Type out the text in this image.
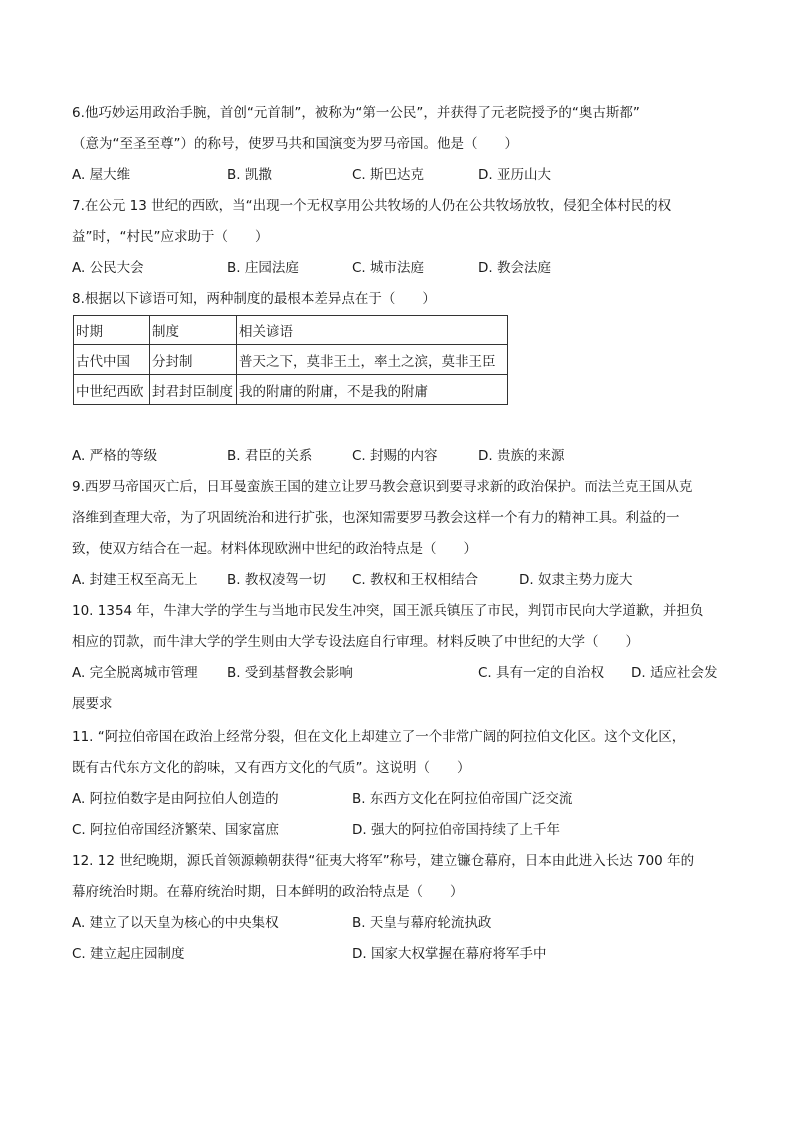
6.他巧妙运用政治手腕，首创“元首制”，被称为“第一公民”，并获得了元老院授予的“奥古斯都”
（意为“至圣至尊”）的称号，使罗马共和国演变为罗马帝国。他是（　　）
A. 屋大维	B. 凯撒	C. 斯巴达克	D. 亚历山大
7.在公元 13 世纪的西欧，当“出现一个无权享用公共牧场的人仍在公共牧场放牧，侵犯全体村民的权
益”时，“村民”应求助于（　　）
A. 公民大会	B. 庄园法庭	C. 城市法庭	D. 教会法庭
8.根据以下谚语可知，两种制度的最根本差异点在于（　　）
时期	制度	相关谚语
古代中国	分封制	普天之下，莫非王土，率土之滨，莫非王臣
中世纪西欧	封君封臣制度	我的附庸的附庸，不是我的附庸
A. 严格的等级	B. 君臣的关系	C. 封赐的内容	D. 贵族的来源
9.西罗马帝国灭亡后，日耳曼蛮族王国的建立让罗马教会意识到要寻求新的政治保护。而法兰克王国从克
洛维到查理大帝，为了巩固统治和进行扩张，也深知需要罗马教会这样一个有力的精神工具。利益的一
致，使双方结合在一起。材料体现欧洲中世纪的政治特点是（　　）
A. 封建王权至高无上 B. 教权凌驾一切 C. 教权和王权相结合	D. 奴隶主势力庞大
10. 1354 年，牛津大学的学生与当地市民发生冲突，国王派兵镇压了市民，判罚市民向大学道歉，并担负
相应的罚款，而牛津大学的学生则由大学专设法庭自行审理。材料反映了中世纪的大学（　　）
A. 完全脱离城市管理 B. 受到基督教会影响	C. 具有一定的自治权 D. 适应社会发
展要求
11. “阿拉伯帝国在政治上经常分裂，但在文化上却建立了一个非常广阔的阿拉伯文化区。这个文化区，
既有古代东方文化的韵味，又有西方文化的气质”。这说明（　　）
A. 阿拉伯数字是由阿拉伯人创造的	B. 东西方文化在阿拉伯帝国广泛交流
C. 阿拉伯帝国经济繁荣、国家富庶	D. 强大的阿拉伯帝国持续了上千年
12. 12 世纪晚期，源氏首领源赖朝获得“征夷大将军”称号，建立镰仓幕府，日本由此进入长达 700 年的
幕府统治时期。在幕府统治时期，日本鲜明的政治特点是（　　）
A. 建立了以天皇为核心的中央集权	B. 天皇与幕府轮流执政
C. 建立起庄园制度	D. 国家大权掌握在幕府将军手中
